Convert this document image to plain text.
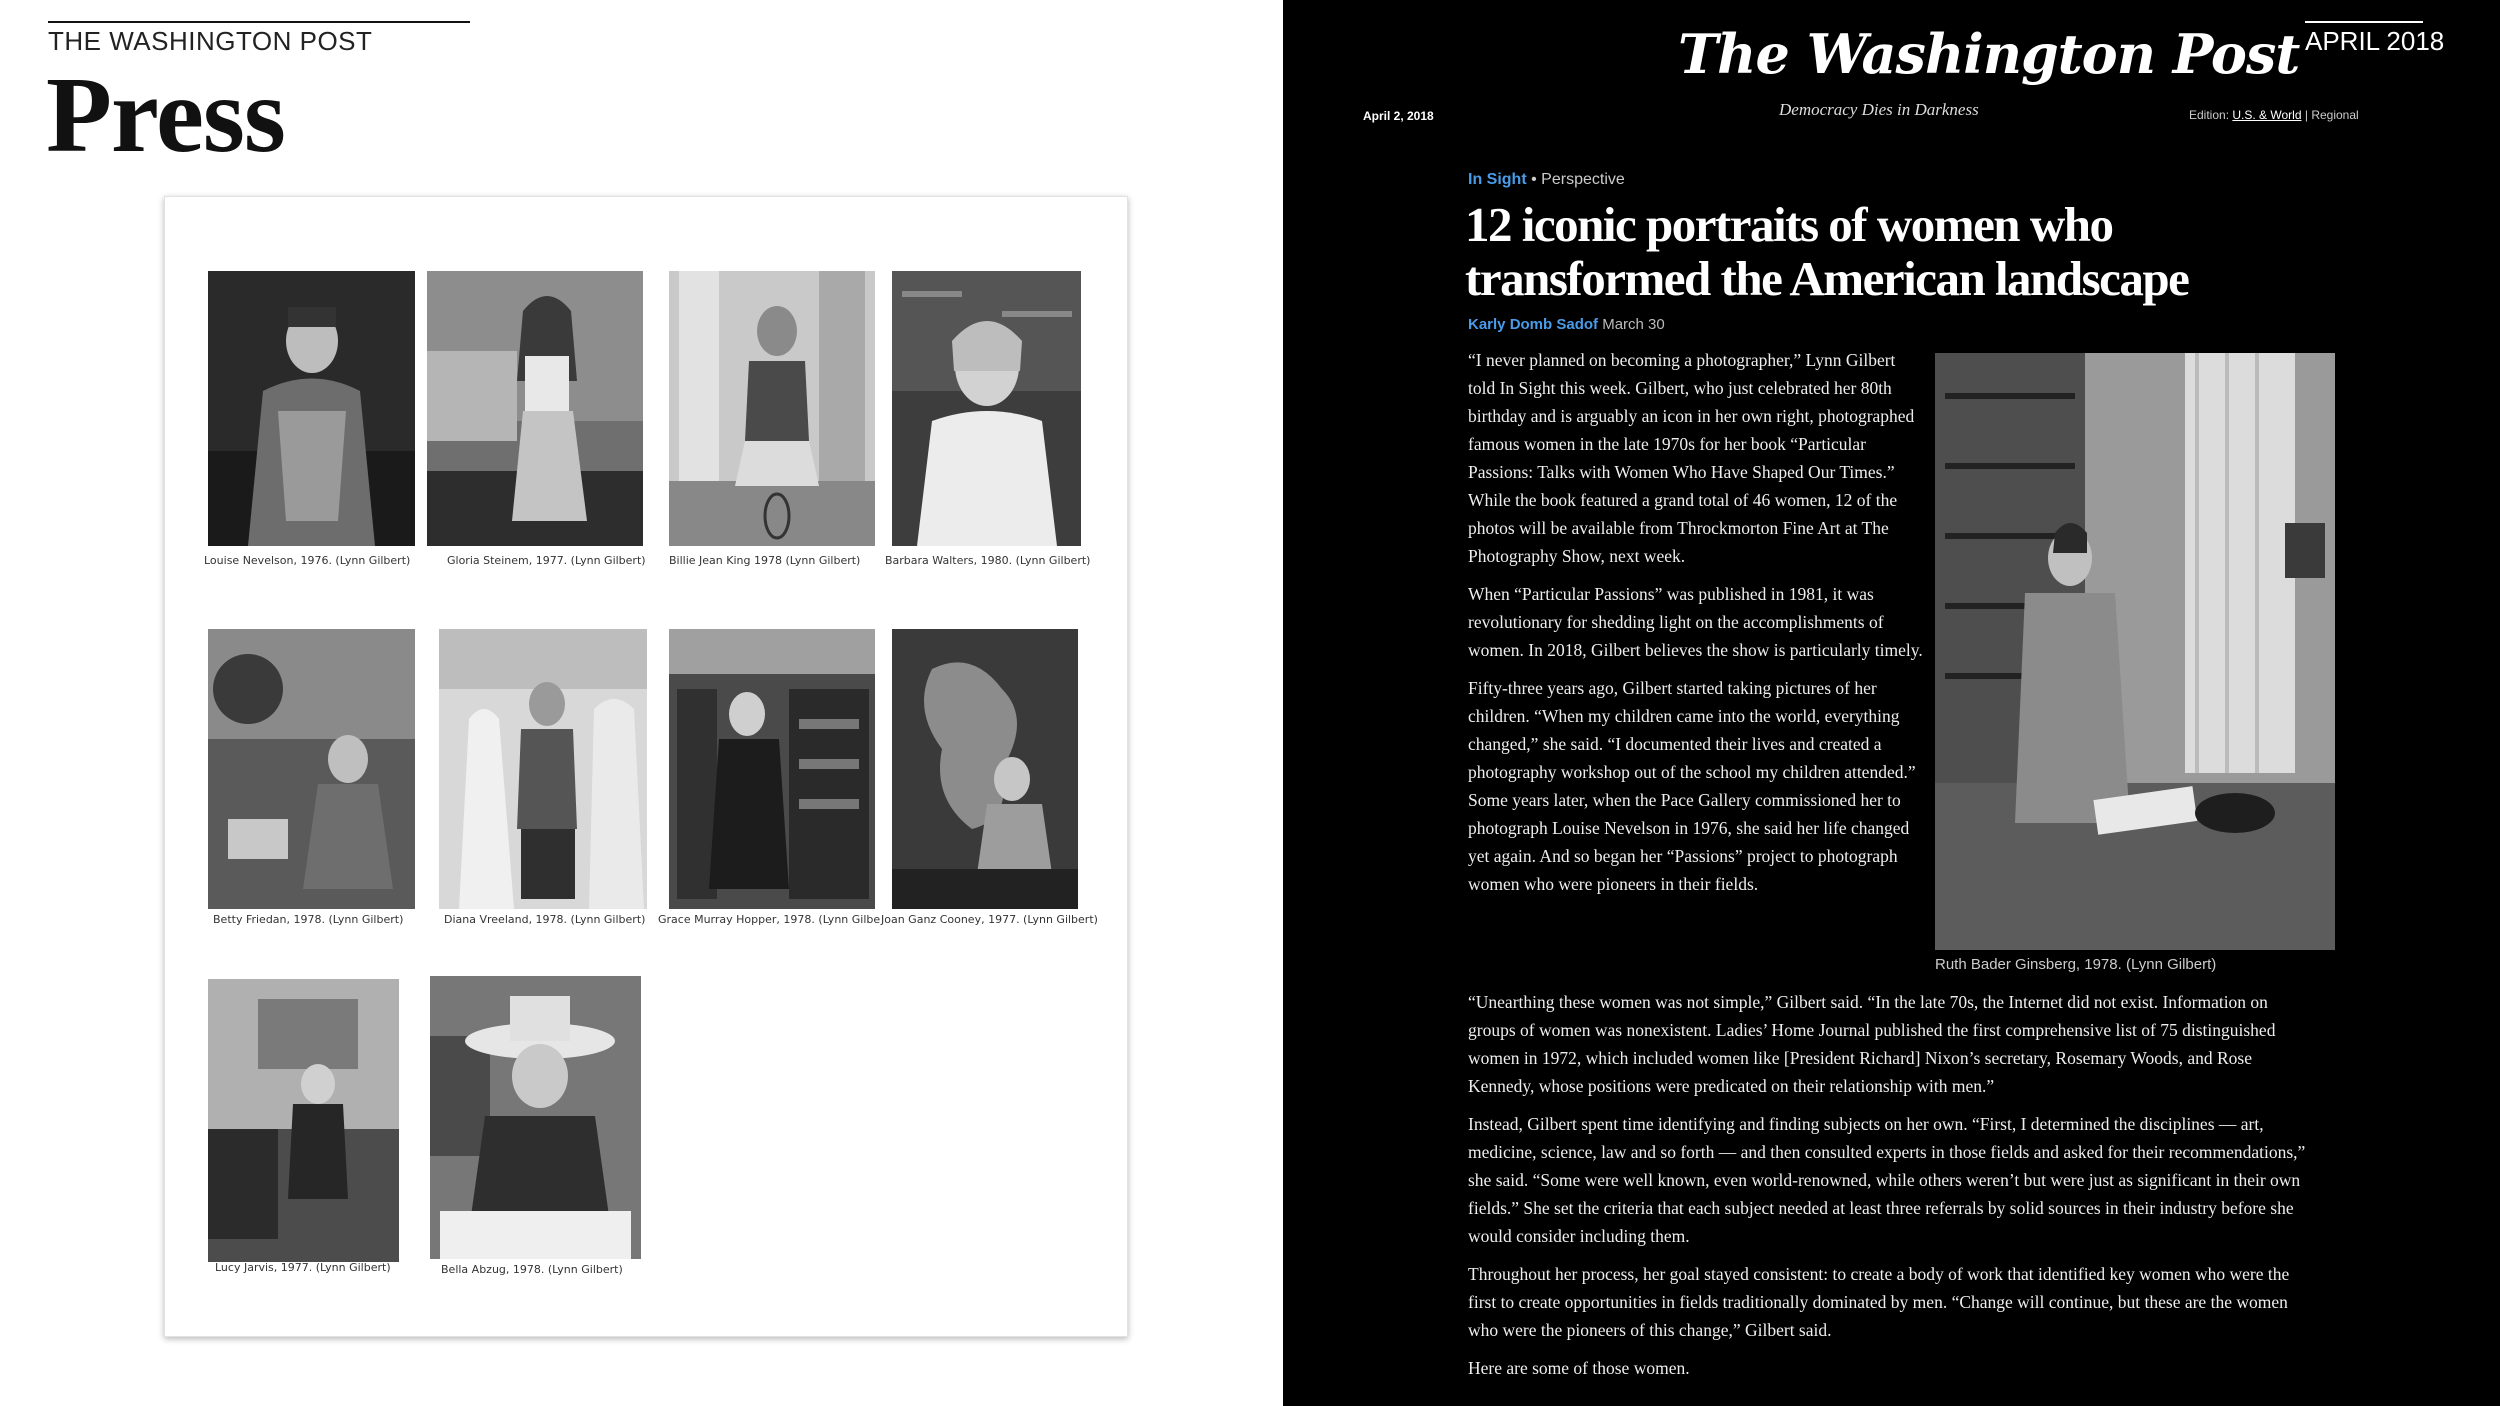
THE WASHINGTON POST
Press
Louise Nevelson, 1976. (Lynn Gilbert)	Gloria Steinem, 1977. (Lynn Gilbert) Billie Jean King 1978 (Lynn Gilbert) Barbara Walters, 1980. (Lynn Gilbert)
Betty Friedan, 1978. (Lynn Gilbert)	Diana Vreeland, 1978. (Lynn Gilbert) Grace Murray Hopper, 1978. (Lynn Gilbe Joan Ganz Cooney, 1977. (Lynn Gilbert)
Lucy Jarvis, 1977. (Lynn Gilbert)	Bella Abzug, 1978. (Lynn Gilbert)
The Washington Post APRIL 2018
April 2, 2018	Democracy Dies in Darkness	Edition: U.S. & World | Regional
In Sight • Perspective
12 iconic portraits of women who transformed the American landscape
Karly Domb Sadof March 30

“I never planned on becoming a photographer,” Lynn Gilbert told In Sight this week. Gilbert, who just celebrated her 80th birthday and is arguably an icon in her own right, photographed famous women in the late 1970s for her book “Particular Passions: Talks with Women Who Have Shaped Our Times.” While the book featured a grand total of 46 women, 12 of the photos will be available from Throckmorton Fine Art at The Photography Show, next week.

When “Particular Passions” was published in 1981, it was revolutionary for shedding light on the accomplishments of women. In 2018, Gilbert believes the show is particularly timely.

Fifty-three years ago, Gilbert started taking pictures of her children. “When my children came into the world, everything changed,” she said. “I documented their lives and created a photography workshop out of the school my children attended.” Some years later, when the Pace Gallery commissioned her to photograph Louise Nevelson in 1976, she said her life changed yet again. And so began her “Passions” project to photograph women who were pioneers in their fields.

Ruth Bader Ginsberg, 1978. (Lynn Gilbert)

“Unearthing these women was not simple,” Gilbert said. “In the late 70s, the Internet did not exist. Information on groups of women was nonexistent. Ladies’ Home Journal published the first comprehensive list of 75 distinguished women in 1972, which included women like [President Richard] Nixon’s secretary, Rosemary Woods, and Rose Kennedy, whose positions were predicated on their relationship with men.”

Instead, Gilbert spent time identifying and finding subjects on her own. “First, I determined the disciplines — art, medicine, science, law and so forth — and then consulted experts in those fields and asked for their recommendations,” she said. “Some were well known, even world-renowned, while others weren’t but were just as significant in their own fields.” She set the criteria that each subject needed at least three referrals by solid sources in their industry before she would consider including them.

Throughout her process, her goal stayed consistent: to create a body of work that identified key women who were the first to create opportunities in fields traditionally dominated by men. “Change will continue, but these are the women who were the pioneers of this change,” Gilbert said.

Here are some of those women.
